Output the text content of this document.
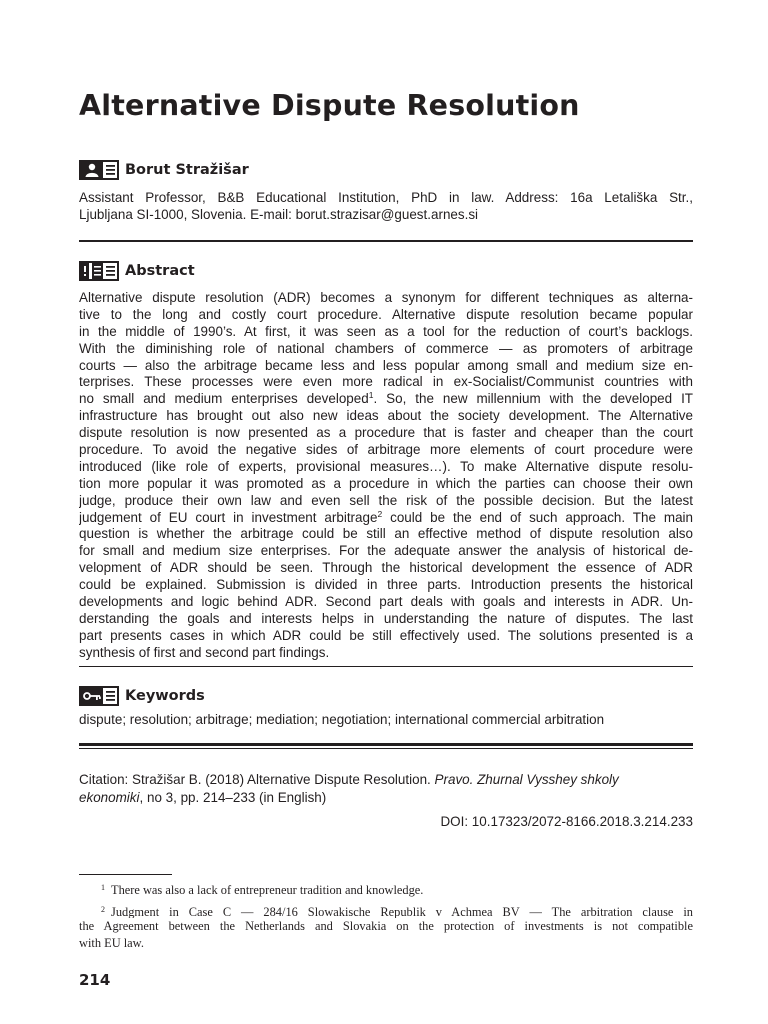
Alternative Dispute Resolution
Borut Stražišar
Assistant Professor, B&B Educational Institution, PhD in law. Address: 16a Letališka Str.,
Ljubljana SI-1000, Slovenia. E-mail: borut.strazisar@guest.arnes.si
Abstract
Alternative dispute resolution (ADR) becomes a synonym for different techniques as alterna-
tive to the long and costly court procedure. Alternative dispute resolution became popular
in the middle of 1990’s. At first, it was seen as a tool for the reduction of court’s backlogs.
With the diminishing role of national chambers of commerce — as promoters of arbitrage
courts — also the arbitrage became less and less popular among small and medium size en-
terprises. These processes were even more radical in ex-Socialist/Communist countries with
no small and medium enterprises developed$^1$. So, the new millennium with the developed IT
infrastructure has brought out also new ideas about the society development. The Alternative
dispute resolution is now presented as a procedure that is faster and cheaper than the court
procedure. To avoid the negative sides of arbitrage more elements of court procedure were
introduced (like role of experts, provisional measures…). To make Alternative dispute resolu-
tion more popular it was promoted as a procedure in which the parties can choose their own
judge, produce their own law and even sell the risk of the possible decision. But the latest
judgement of EU court in investment arbitrage$^2$ could be the end of such approach. The main
question is whether the arbitrage could be still an effective method of dispute resolution also
for small and medium size enterprises. For the adequate answer the analysis of historical de-
velopment of ADR should be seen. Through the historical development the essence of ADR
could be explained. Submission is divided in three parts. Introduction presents the historical
developments and logic behind ADR. Second part deals with goals and interests in ADR. Un-
derstanding the goals and interests helps in understanding the nature of disputes. The last
part presents cases in which ADR could be still effectively used. The solutions presented is a
synthesis of first and second part findings.
Keywords
dispute; resolution; arbitrage; mediation; negotiation; international commercial arbitration
Citation: Stražišar B. (2018) Alternative Dispute Resolution. Pravo. Zhurnal Vysshey shkoly
ekonomiki, no 3, pp. 214–233 (in English)
DOI: 10.17323/2072-8166.2018.3.214.233
$^1$ There was also a lack of entrepreneur tradition and knowledge.
$^2$ Judgment in Case C — 284/16 Slowakische Republik v Achmea BV — The arbitration clause in
the Agreement between the Netherlands and Slovakia on the protection of investments is not compatible
with EU law.
214
